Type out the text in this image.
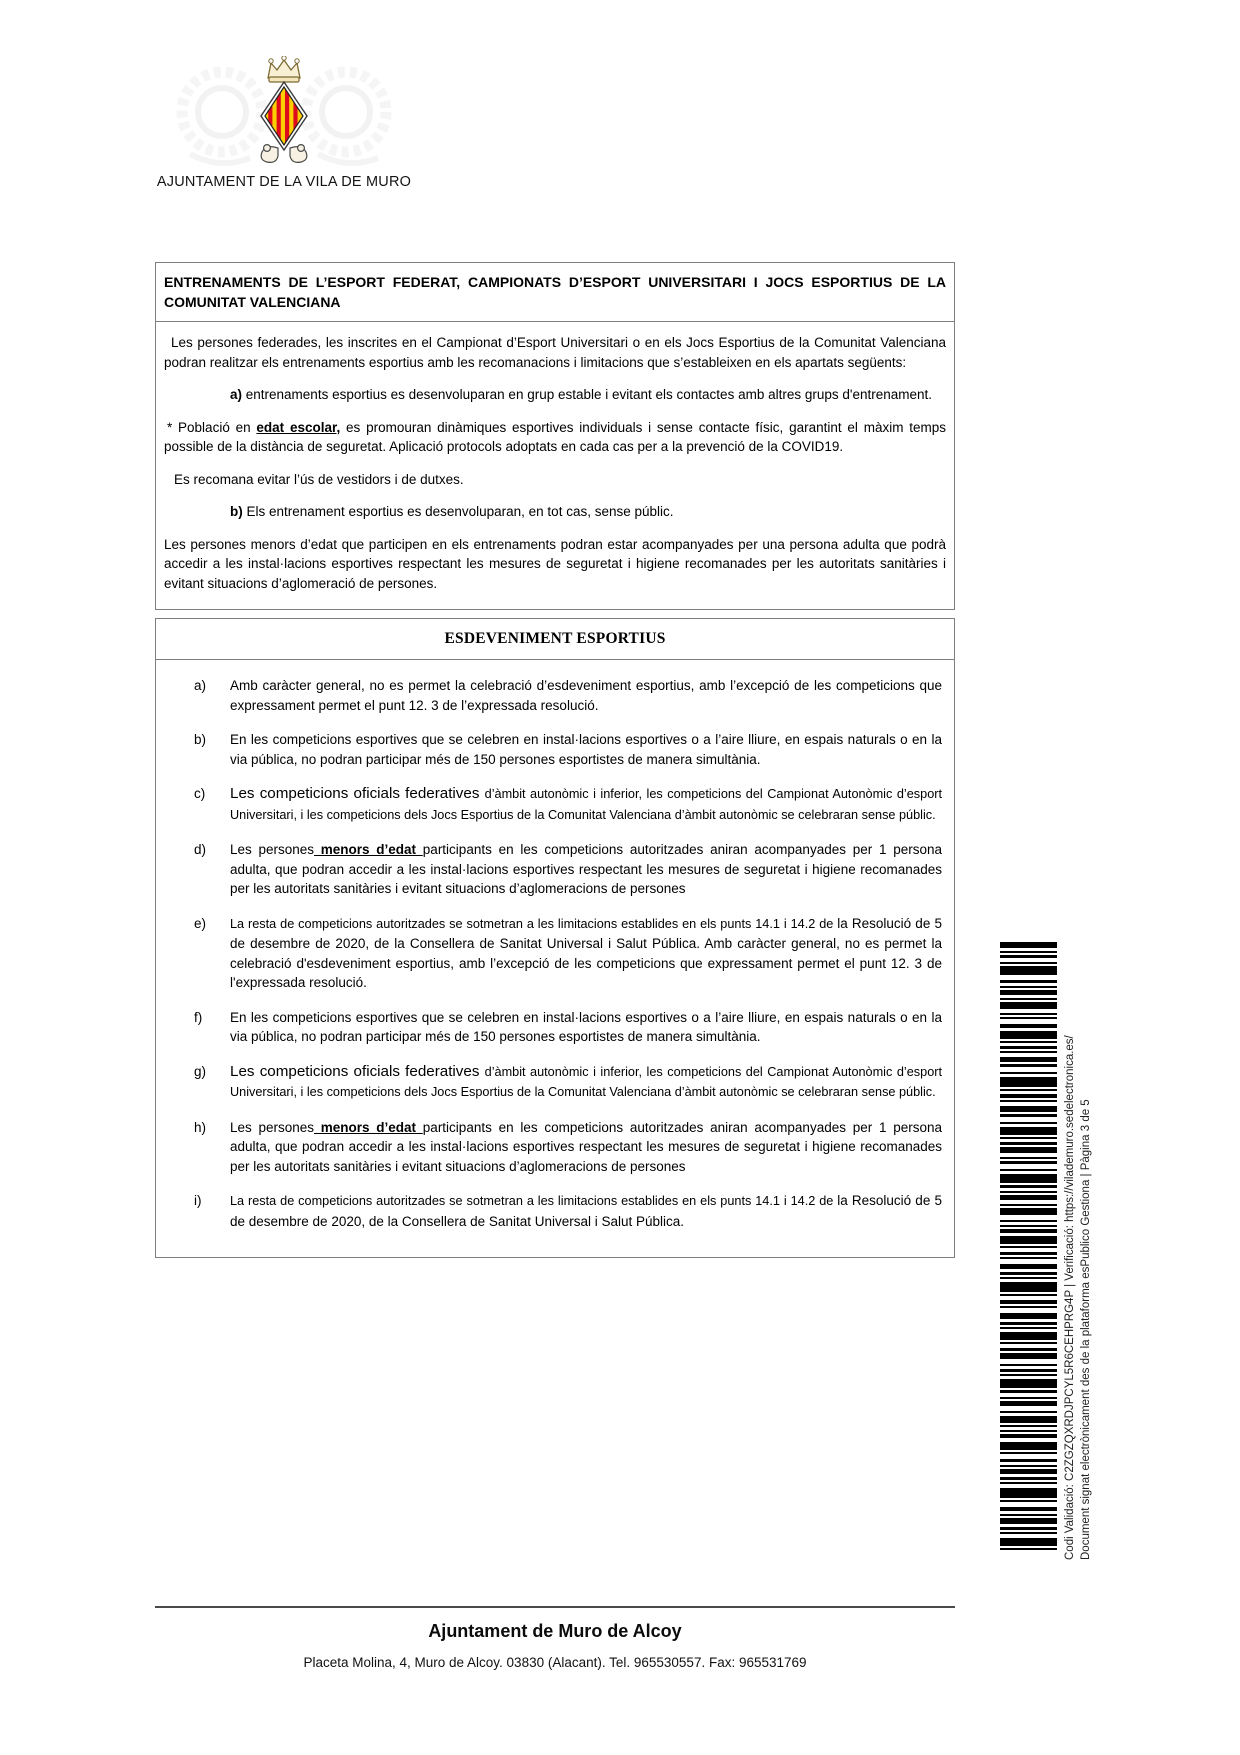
AJUNTAMENT DE LA VILA DE MURO
ENTRENAMENTS DE L’ESPORT FEDERAT, CAMPIONATS D’ESPORT UNIVERSITARI I JOCS ESPORTIUS DE LA COMUNITAT VALENCIANA

Les persones federades, les inscrites en el Campionat d’Esport Universitari o en els Jocs Esportius de la Comunitat Valenciana podran realitzar els entrenaments esportius amb les recomanacions i limitacions que s’estableixen en els apartats següents:

a) entrenaments esportius es desenvoluparan en grup estable i evitant els contactes amb altres grups d'entrenament.

* Població en edat escolar, es promouran dinàmiques esportives individuals i sense contacte físic, garantint el màxim temps possible de la distància de seguretat. Aplicació protocols adoptats en cada cas per a la prevenció de la COVID19.

Es recomana evitar l’ús de vestidors i de dutxes.

b) Els entrenament esportius es desenvoluparan, en tot cas, sense públic.

Les persones menors d’edat que participen en els entrenaments podran estar acompanyades per una persona adulta que podrà accedir a les instal·lacions esportives respectant les mesures de seguretat i higiene recomanades per les autoritats sanitàries i evitant situacions d’aglomeració de persones.

ESDEVENIMENT ESPORTIUS
a)	Amb caràcter general, no es permet la celebració d’esdeveniment esportius, amb l’excepció de les competicions que expressament permet el punt 12. 3 de l’expressada resolució.
b)	En les competicions esportives que se celebren en instal·lacions esportives o a l’aire lliure, en espais naturals o en la via pública, no podran participar més de 150 persones esportistes de manera simultània.
c)	Les competicions oficials federatives d’àmbit autonòmic i inferior, les competicions del Campionat Autonòmic d’esport Universitari, i les competicions dels Jocs Esportius de la Comunitat Valenciana d’àmbit autonòmic se celebraran sense públic.
d)	Les persones menors d’edat participants en les competicions autoritzades aniran acompanyades per 1 persona adulta, que podran accedir a les instal·lacions esportives respectant les mesures de seguretat i higiene recomanades per les autoritats sanitàries i evitant situacions d’aglomeracions de persones
e)	La resta de competicions autoritzades se sotmetran a les limitacions establides en els punts 14.1 i 14.2 de la Resolució de 5 de desembre de 2020, de la Consellera de Sanitat Universal i Salut Pública. Amb caràcter general, no es permet la celebració d'esdeveniment esportius, amb l’excepció de les competicions que expressament permet el punt 12. 3 de l'expressada resolució.
f)	En les competicions esportives que se celebren en instal·lacions esportives o a l’aire lliure, en espais naturals o en la via pública, no podran participar més de 150 persones esportistes de manera simultània.
g)	Les competicions oficials federatives d’àmbit autonòmic i inferior, les competicions del Campionat Autonòmic d’esport Universitari, i les competicions dels Jocs Esportius de la Comunitat Valenciana d’àmbit autonòmic se celebraran sense públic.
h)	Les persones menors d’edat participants en les competicions autoritzades aniran acompanyades per 1 persona adulta, que podran accedir a les instal·lacions esportives respectant les mesures de seguretat i higiene recomanades per les autoritats sanitàries i evitant situacions d’aglomeracions de persones
i)	La resta de competicions autoritzades se sotmetran a les limitacions establides en els punts 14.1 i 14.2 de la Resolució de 5 de desembre de 2020, de la Consellera de Sanitat Universal i Salut Pública.
Ajuntament de Muro de Alcoy
Placeta Molina, 4, Muro de Alcoy. 03830 (Alacant). Tel. 965530557. Fax: 965531769
Codi Validació: C2ZGZQXRDJPCYL5R6CEHPRG4P | Verificació: https://vilademuro.sedelectronica.es/ Document signat electrònicament des de la plataforma esPublico Gestiona | Pàgina 3 de 5
